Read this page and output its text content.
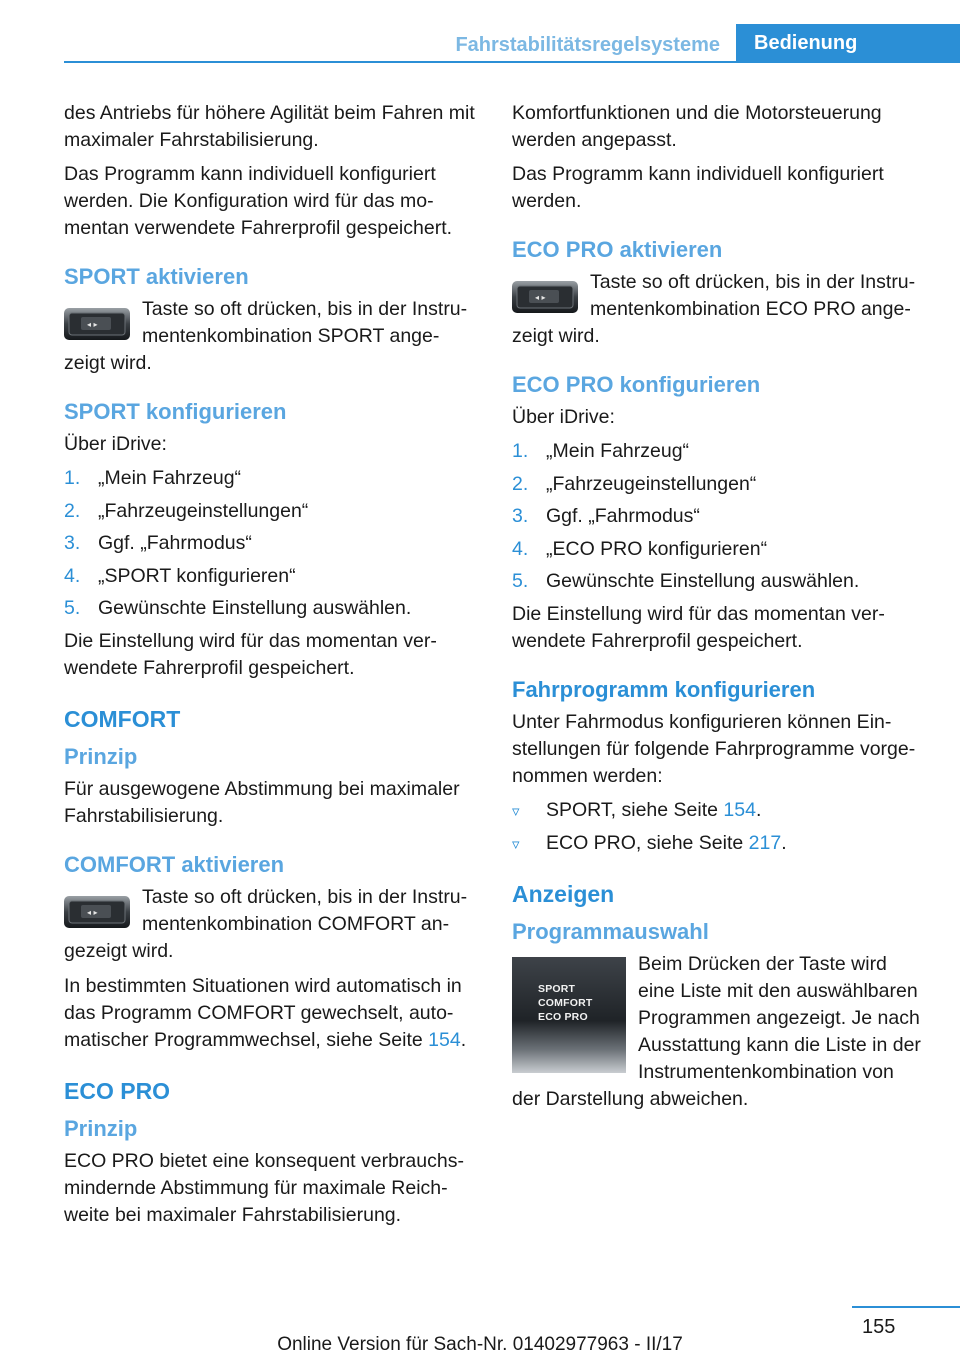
Fahrstabilitätsregelsysteme	Bedienung

des Antriebs für höhere Agilität beim Fahren mit maximaler Fahrstabilisierung.

Das Programm kann individuell konfiguriert werden. Die Konfiguration wird für das mo- mentan verwendete Fahrerprofil gespeichert.

SPORT aktivieren
◂ ▸

Taste so oft drücken, bis in der Instru- mentenkombination SPORT ange- zeigt wird.

SPORT konfigurieren

Über iDrive:

1. „Mein Fahrzeug“
2. „Fahrzeugeinstellungen“
3. Ggf. „Fahrmodus“
4. „SPORT konfigurieren“
5. Gewünschte Einstellung auswählen.

Die Einstellung wird für das momentan ver- wendete Fahrerprofil gespeichert.

COMFORT
Prinzip

Für ausgewogene Abstimmung bei maximaler Fahrstabilisierung.

COMFORT aktivieren
◂ ▸

Taste so oft drücken, bis in der Instru- mentenkombination COMFORT an- gezeigt wird.

In bestimmten Situationen wird automatisch in das Programm COMFORT gewechselt, auto- matischer Programmwechsel, siehe Seite 154.

ECO PRO
Prinzip

ECO PRO bietet eine konsequent verbrauchs- mindernde Abstimmung für maximale Reich- weite bei maximaler Fahrstabilisierung.

Komfortfunktionen und die Motorsteuerung werden angepasst.

Das Programm kann individuell konfiguriert werden.

ECO PRO aktivieren
◂ ▸

Taste so oft drücken, bis in der Instru- mentenkombination ECO PRO ange- zeigt wird.

ECO PRO konfigurieren

Über iDrive:

1. „Mein Fahrzeug“
2. „Fahrzeugeinstellungen“
3. Ggf. „Fahrmodus“
4. „ECO PRO konfigurieren“
5. Gewünschte Einstellung auswählen.

Die Einstellung wird für das momentan ver- wendete Fahrerprofil gespeichert.

Fahrprogramm konfigurieren

Unter Fahrmodus konfigurieren können Ein- stellungen für folgende Fahrprogramme vorge- nommen werden:

▿ SPORT, siehe Seite 154.
▿ ECO PRO, siehe Seite 217.
Anzeigen
Programmauswahl
SPORT
COMFORT
ECO PRO

Beim Drücken der Taste wird eine Liste mit den auswählbaren Programmen angezeigt. Je nach Ausstattung kann die Liste in der Instrumentenkombination von der Darstellung abweichen.

155
Online Version für Sach-Nr. 01402977963 - II/17
